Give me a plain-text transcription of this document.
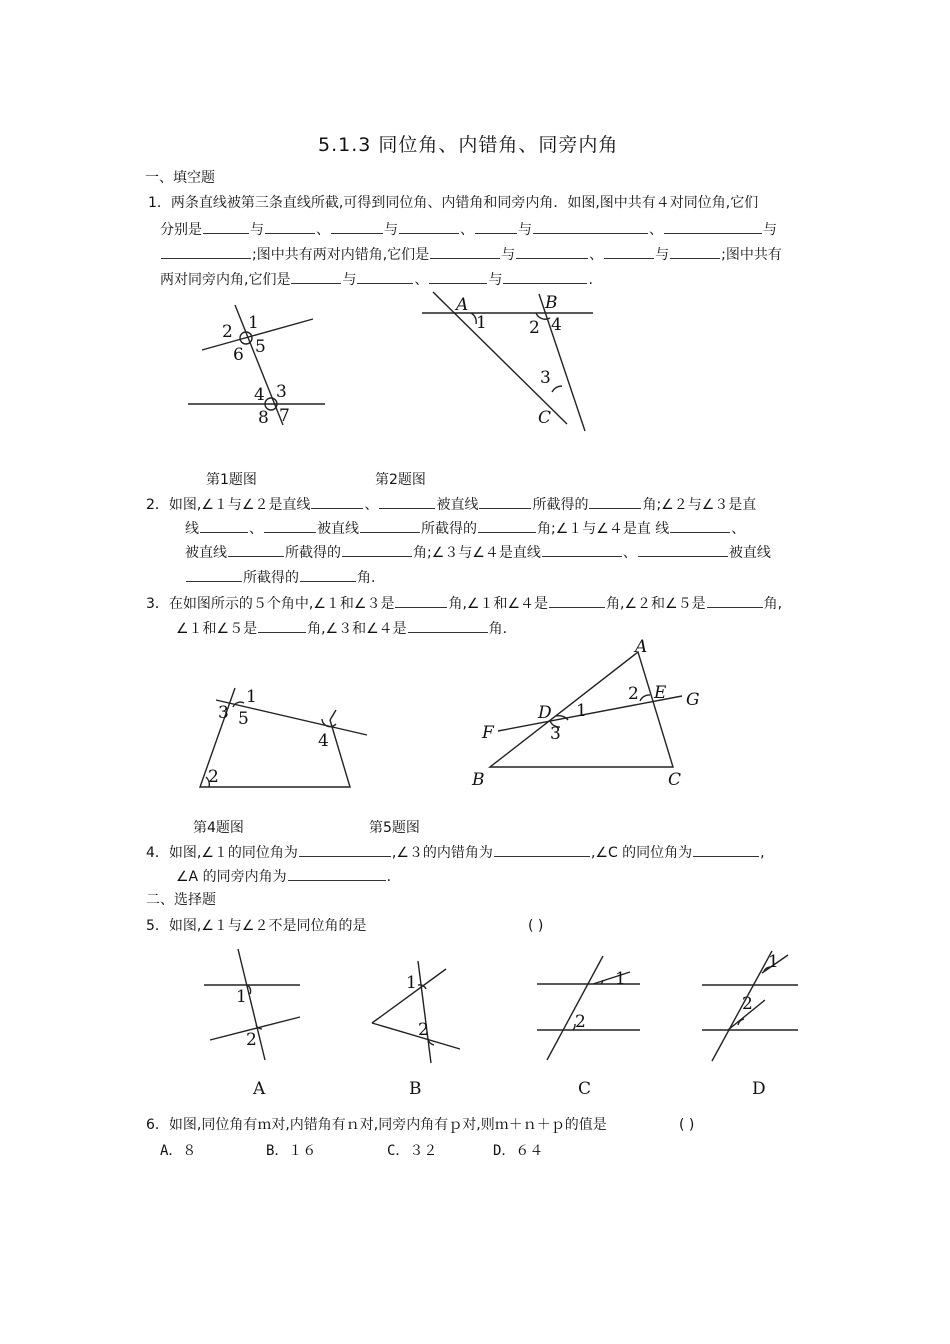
5.1.3 同位角、内错角、同旁内角
一、填空题
1．两条直线被第三条直线所截,可得到同位角、内错角和同旁内角．如图,图中共有４对同位角,它们
分别是	与	、	与	、	与	、	与
;图中共有两对内错角,它们是	与	、	与	;图中共有
两对同旁内角,它们是	与	、	与	.
1
2
5
6
3
4
7
8
A	B
C
1 2
3
4
第1题图	第2题图
2．如图,∠１与∠２是直线	、	被直线	所截得的	角;∠２与∠３是直
线	、	被直线	所截得的	角;∠１与∠４是直 线	、
被直线	所截得的	角;∠３与∠４是直线	、	被直线
所截得的	角.
3．在如图所示的５个角中,∠１和∠３是	角,∠１和∠４是	角,∠２和∠５是	角,
∠１和∠５是	角,∠３和∠４是	角.
1
3 5
4
2
A
B	C
D
E
F
G
1
2
3
第4题图	第5题图
4．如图,∠１的同位角为	,∠３的内错角为	,∠C 的同位角为	,
∠A 的同旁内角为	.
二、选择题
5．如图,∠１与∠２不是同位角的是	( )
1
2
1
2
1
2
1
2
A	B	C	D
6．如图,同位角有ｍ对,内错角有ｎ对,同旁内角有ｐ对,则ｍ＋ｎ＋ｐ的值是	( )
A．８	B．１６	C．３２	D．６４
